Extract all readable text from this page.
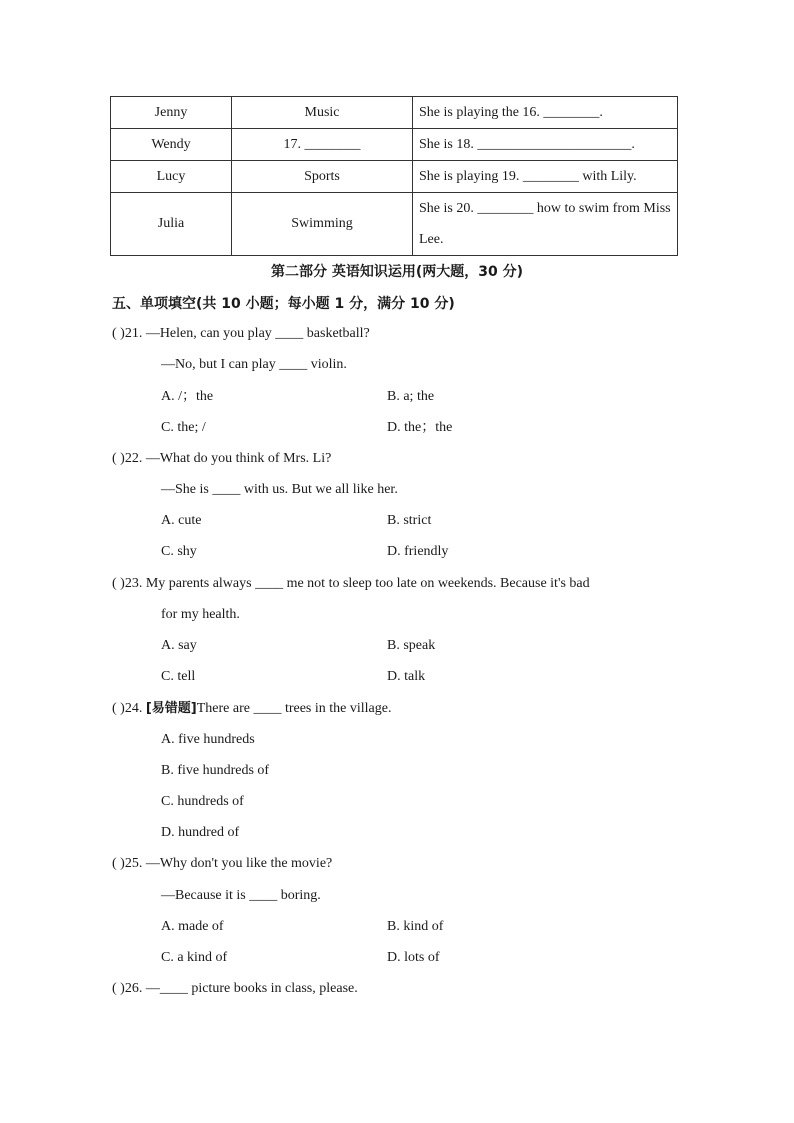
Jenny	Music	She is playing the 16. ________.
Wendy	17. ________	She is 18. ______________________.
Lucy	Sports	She is playing 19. ________ with Lily.
Julia	Swimming	She is 20. ________ how to swim from Miss Lee.
第二部分 英语知识运用(两大题，30 分)
五、单项填空(共 10 小题；每小题 1 分，满分 10 分)
( )21. —Helen, can you play ____ basketball?
—No, but I can play ____ violin.
A. /；the	B. a; the
C. the; /	D. the；the
( )22. —What do you think of Mrs. Li?
—She is ____ with us. But we all like her.
A. cute	B. strict
C. shy	D. friendly
( )23. My parents always ____ me not to sleep too late on weekends. Because it's bad
for my health.
A. say	B. speak
C. tell	D. talk
( )24. [易错题]There are ____ trees in the village.
A. five hundreds
B. five hundreds of
C. hundreds of
D. hundred of
( )25. —Why don't you like the movie?
—Because it is ____ boring.
A. made of	B. kind of
C. a kind of	D. lots of
( )26. —____ picture books in class, please.
